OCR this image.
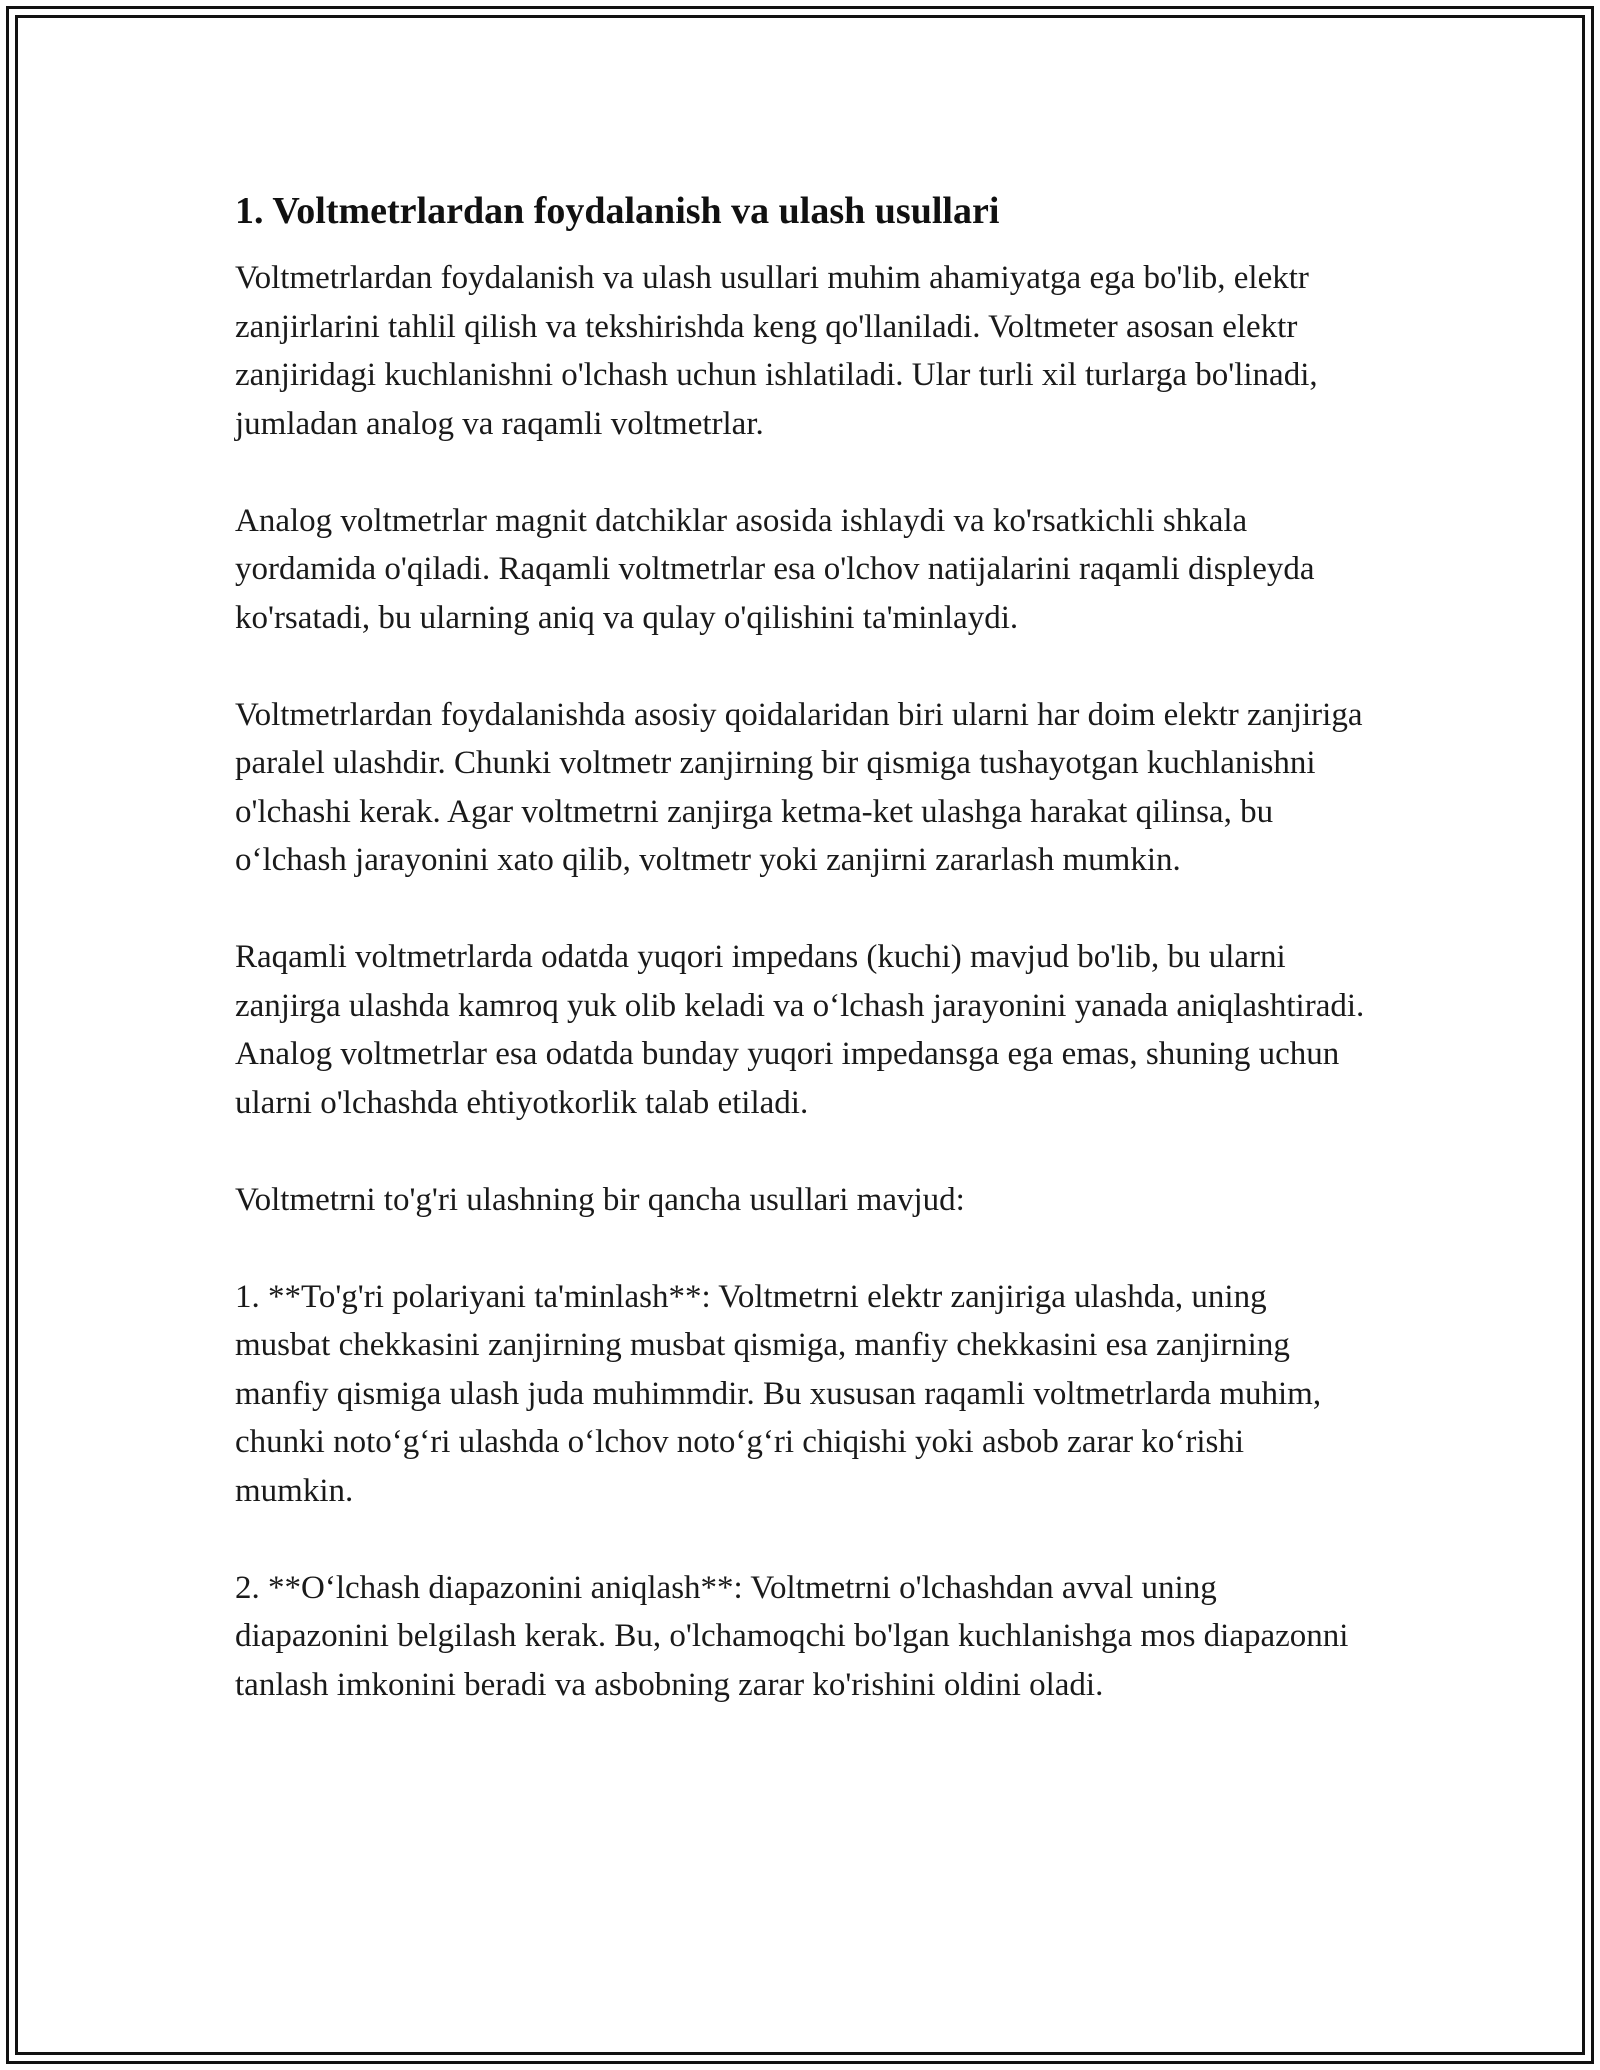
1. Voltmetrlardan foydalanish va ulash usullari

Voltmetrlardan foydalanish va ulash usullari muhim ahamiyatga ega bo'lib, elektr zanjirlarini tahlil qilish va tekshirishda keng qo'llaniladi. Voltmeter asosan elektr zanjiridagi kuchlanishni o'lchash uchun ishlatiladi. Ular turli xil turlarga bo'linadi, jumladan analog va raqamli voltmetrlar.

Analog voltmetrlar magnit datchiklar asosida ishlaydi va ko'rsatkichli shkala yordamida o'qiladi. Raqamli voltmetrlar esa o'lchov natijalarini raqamli displeyda ko'rsatadi, bu ularning aniq va qulay o'qilishini ta'minlaydi.

Voltmetrlardan foydalanishda asosiy qoidalaridan biri ularni har doim elektr zanjiriga paralel ulashdir. Chunki voltmetr zanjirning bir qismiga tushayotgan kuchlanishni o'lchashi kerak. Agar voltmetrni zanjirga ketma-ket ulashga harakat qilinsa, bu o‘lchash jarayonini xato qilib, voltmetr yoki zanjirni zararlash mumkin.

Raqamli voltmetrlarda odatda yuqori impedans (kuchi) mavjud bo'lib, bu ularni zanjirga ulashda kamroq yuk olib keladi va o‘lchash jarayonini yanada aniqlashtiradi. Analog voltmetrlar esa odatda bunday yuqori impedansga ega emas, shuning uchun ularni o'lchashda ehtiyotkorlik talab etiladi.

Voltmetrni to'g'ri ulashning bir qancha usullari mavjud:

1. **To'g'ri polariyani ta'minlash**: Voltmetrni elektr zanjiriga ulashda, uning musbat chekkasini zanjirning musbat qismiga, manfiy chekkasini esa zanjirning manfiy qismiga ulash juda muhimmdir. Bu xususan raqamli voltmetrlarda muhim, chunki noto‘g‘ri ulashda o‘lchov noto‘g‘ri chiqishi yoki asbob zarar ko‘rishi mumkin.

2. **O‘lchash diapazonini aniqlash**: Voltmetrni o'lchashdan avval uning diapazonini belgilash kerak. Bu, o'lchamoqchi bo'lgan kuchlanishga mos diapazonni tanlash imkonini beradi va asbobning zarar ko'rishini oldini oladi.
